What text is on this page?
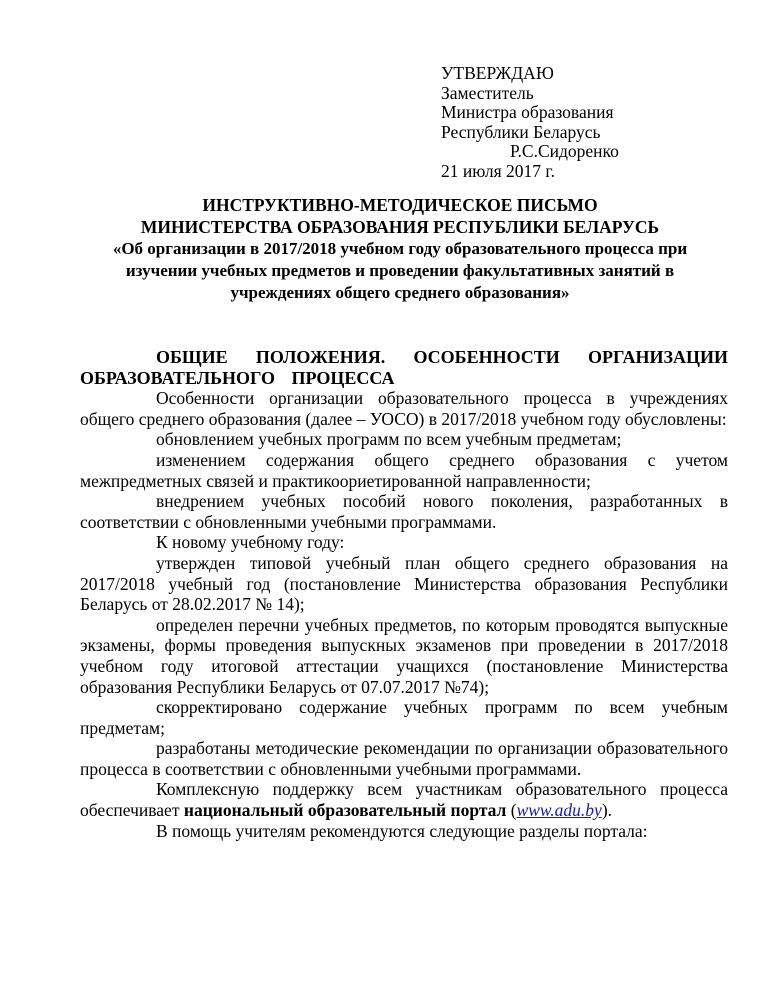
УТВЕРЖДАЮ
Заместитель
Министра образования
Республики Беларусь
Р.С.Сидоренко
21 июля 2017 г.
ИНСТРУКТИВНО-МЕТОДИЧЕСКОЕ ПИСЬМО
МИНИСТЕРСТВА ОБРАЗОВАНИЯ РЕСПУБЛИКИ БЕЛАРУСЬ
«Об организации в 2017/2018 учебном году образовательного процесса при изучении учебных предметов и проведении факультативных занятий в учреждениях общего среднего образования»

ОБЩИЕ ПОЛОЖЕНИЯ. ОСОБЕННОСТИ ОРГАНИЗАЦИИ ОБРАЗОВАТЕЛЬНОГО ПРОЦЕССА

Особенности организации образовательного процесса в учреждениях общего среднего образования (далее – УОСО) в 2017/2018 учебном году обусловлены:

обновлением учебных программ по всем учебным предметам;

изменением содержания общего среднего образования с учетом межпредметных связей и практикоориетированной направленности;

внедрением учебных пособий нового поколения, разработанных в соответствии с обновленными учебными программами.

К новому учебному году:

утвержден типовой учебный план общего среднего образования на 2017/2018 учебный год (постановление Министерства образования Республики Беларусь от 28.02.2017 № 14);

определен перечни учебных предметов, по которым проводятся выпускные экзамены, формы проведения выпускных экзаменов при проведении в 2017/2018 учебном году итоговой аттестации учащихся (постановление Министерства образования Республики Беларусь от 07.07.2017 №74);

скорректировано содержание учебных программ по всем учебным предметам;

разработаны методические рекомендации по организации образовательного процесса в соответствии с обновленными учебными программами.

Комплексную поддержку всем участникам образовательного процесса обеспечивает национальный образовательный портал (www.adu.by).

В помощь учителям рекомендуются следующие разделы портала:
